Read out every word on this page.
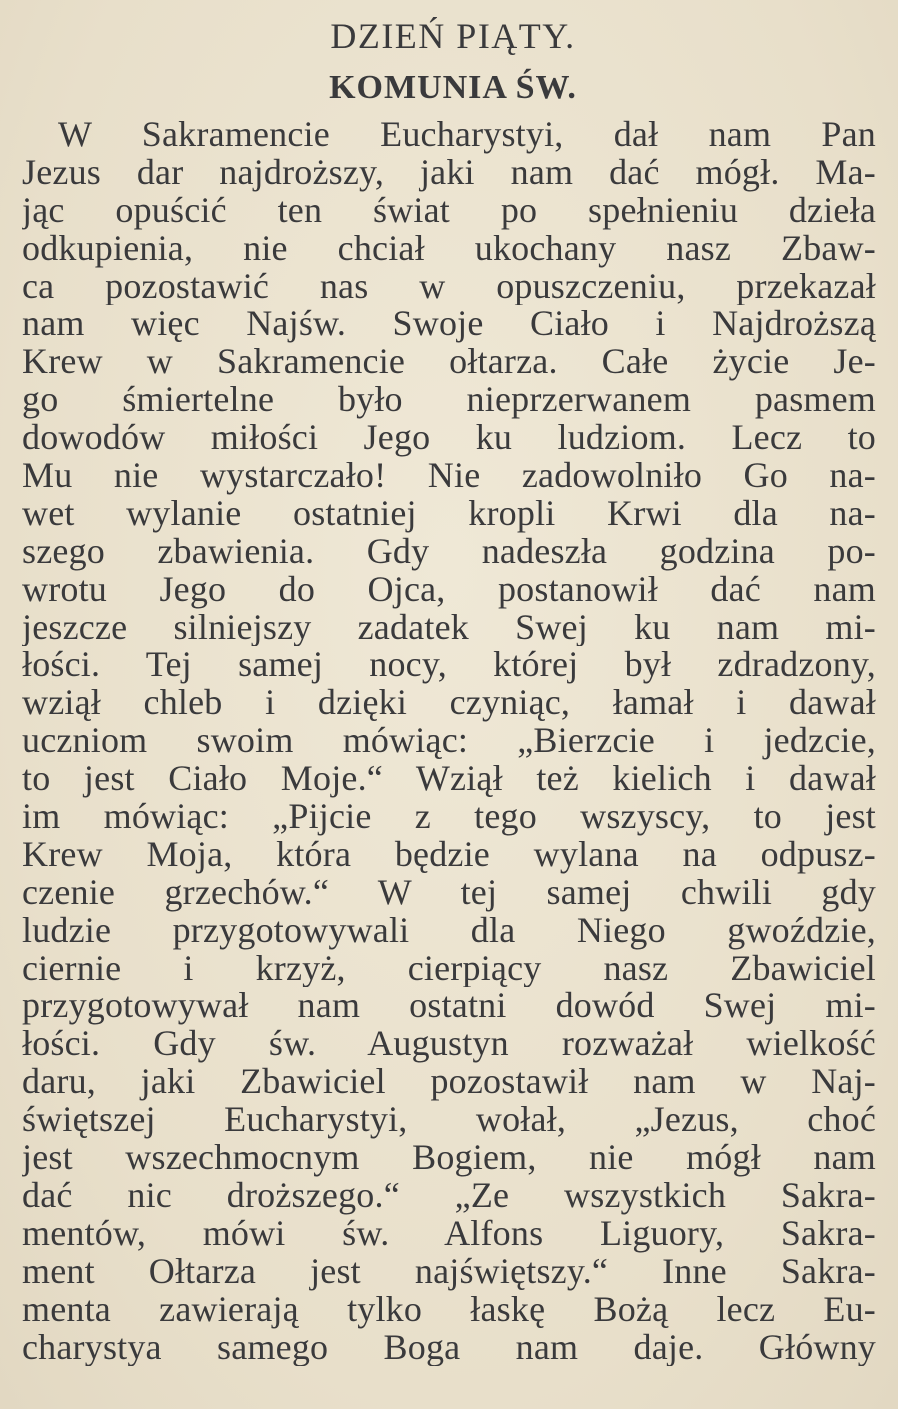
DZIEŃ PIĄTY.
KOMUNIA ŚW.
W Sakramencie Eucharystyi, dał nam Pan
Jezus dar najdroższy, jaki nam dać mógł. Ma-
jąc opuścić ten świat po spełnieniu dzieła
odkupienia, nie chciał ukochany nasz Zbaw-
ca pozostawić nas w opuszczeniu, przekazał
nam więc Najśw. Swoje Ciało i Najdroższą
Krew w Sakramencie ołtarza. Całe życie Je-
go śmiertelne było nieprzerwanem pasmem
dowodów miłości Jego ku ludziom. Lecz to
Mu nie wystarczało! Nie zadowolniło Go na-
wet wylanie ostatniej kropli Krwi dla na-
szego zbawienia. Gdy nadeszła godzina po-
wrotu Jego do Ojca, postanowił dać nam
jeszcze silniejszy zadatek Swej ku nam mi-
łości. Tej samej nocy, której był zdradzony,
wziął chleb i dzięki czyniąc, łamał i dawał
uczniom swoim mówiąc: „Bierzcie i jedzcie,
to jest Ciało Moje.“ Wziął też kielich i dawał
im mówiąc: „Pijcie z tego wszyscy, to jest
Krew Moja, która będzie wylana na odpusz-
czenie grzechów.“ W tej samej chwili gdy
ludzie przygotowywali dla Niego gwoździe,
ciernie i krzyż, cierpiący nasz Zbawiciel
przygotowywał nam ostatni dowód Swej mi-
łości. Gdy św. Augustyn rozważał wielkość
daru, jaki Zbawiciel pozostawił nam w Naj-
świętszej Eucharystyi, wołał, „Jezus, choć
jest wszechmocnym Bogiem, nie mógł nam
dać nic droższego.“ „Ze wszystkich Sakra-
mentów, mówi św. Alfons Liguory, Sakra-
ment Ołtarza jest najświętszy.“ Inne Sakra-
menta zawierają tylko łaskę Bożą lecz Eu-
charystya samego Boga nam daje. Główny
